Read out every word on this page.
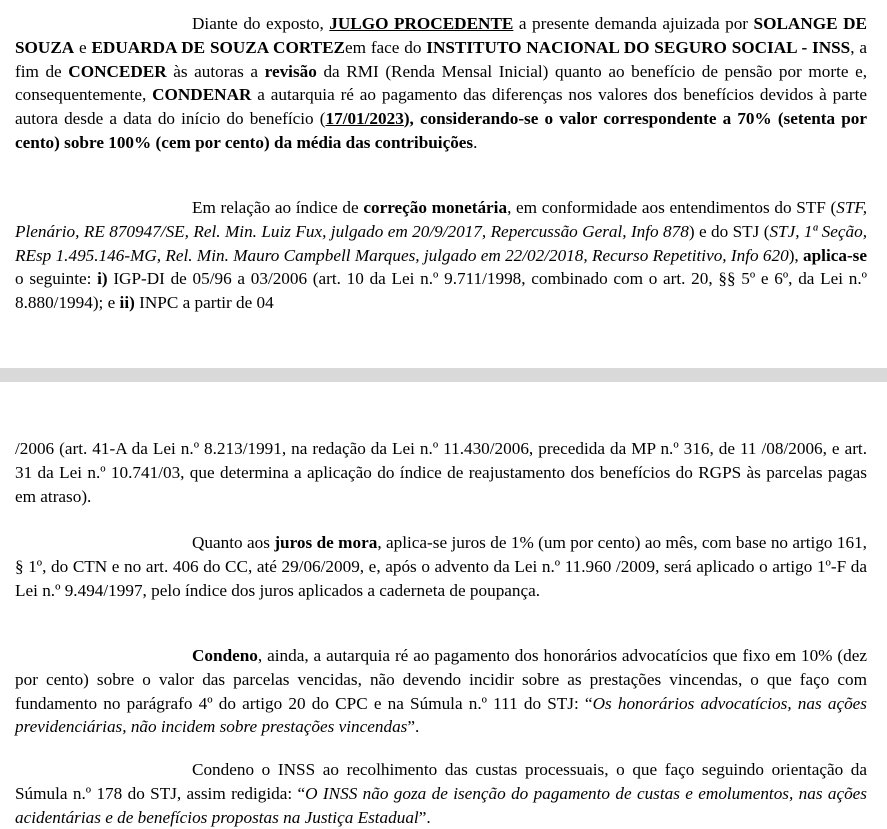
Diante do exposto, JULGO PROCEDENTE a presente demanda ajuizada por SOLANGE DE SOUZA e EDUARDA DE SOUZA CORTEZem face do INSTITUTO NACIONAL DO SEGURO SOCIAL - INSS, a fim de CONCEDER às autoras a revisão da RMI (Renda Mensal Inicial) quanto ao benefício de pensão por morte e, consequentemente, CONDENAR a autarquia ré ao pagamento das diferenças nos valores dos benefícios devidos à parte autora desde a data do início do benefício (17/01/2023), considerando-se o valor correspondente a 70% (setenta por cento) sobre 100% (cem por cento) da média das contribuições.

Em relação ao índice de correção monetária, em conformidade aos entendimentos do STF (STF, Plenário, RE 870947/SE, Rel. Min. Luiz Fux, julgado em 20/9/2017, Repercussão Geral, Info 878) e do STJ (STJ, 1ª Seção, REsp 1.495.146-MG, Rel. Min. Mauro Campbell Marques, julgado em 22/02/2018, Recurso Repetitivo, Info 620), aplica-se o seguinte: i) IGP-DI de 05/96 a 03/2006 (art. 10 da Lei n.º 9.711/1998, combinado com o art. 20, §§ 5º e 6º, da Lei n.º 8.880/1994); e ii) INPC a partir de 04

/2006 (art. 41-A da Lei n.º 8.213/1991, na redação da Lei n.º 11.430/2006, precedida da MP n.º 316, de 11 /08/2006, e art. 31 da Lei n.º 10.741/03, que determina a aplicação do índice de reajustamento dos benefícios do RGPS às parcelas pagas em atraso).

Quanto aos juros de mora, aplica-se juros de 1% (um por cento) ao mês, com base no artigo 161, § 1º, do CTN e no art. 406 do CC, até 29/06/2009, e, após o advento da Lei n.º 11.960 /2009, será aplicado o artigo 1º-F da Lei n.º 9.494/1997, pelo índice dos juros aplicados a caderneta de poupança.

Condeno, ainda, a autarquia ré ao pagamento dos honorários advocatícios que fixo em 10% (dez por cento) sobre o valor das parcelas vencidas, não devendo incidir sobre as prestações vincendas, o que faço com fundamento no parágrafo 4º do artigo 20 do CPC e na Súmula n.º 111 do STJ: “Os honorários advocatícios, nas ações previdenciárias, não incidem sobre prestações vincendas”.

Condeno o INSS ao recolhimento das custas processuais, o que faço seguindo orientação da Súmula n.º 178 do STJ, assim redigida: “O INSS não goza de isenção do pagamento de custas e emolumentos, nas ações acidentárias e de benefícios propostas na Justiça Estadual”.
